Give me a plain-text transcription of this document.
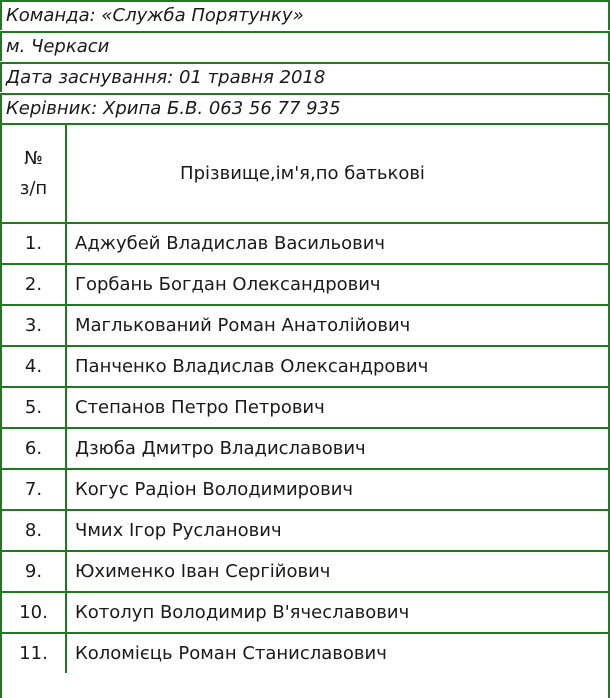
Команда: «Служба Порятунку»
м. Черкаси
Дата заснування: 01 травня 2018
Керівник: Хрипа Б.В. 063 56 77 935
№
з/п	Прізвище,ім'я,по батькові
1.	Аджубей Владислав Васильович
2.	Горбань Богдан Олександрович
3.	Маглькований Роман Анатолійович
4.	Панченко Владислав Олександрович
5.	Степанов Петро Петрович
6.	Дзюба Дмитро Владиславович
7.	Когус Радіон Володимирович
8.	Чмих Ігор Русланович
9.	Юхименко Іван Сергійович
10.	Котолуп Володимир В'ячеславович
11.	Коломієць Роман Станиславович
